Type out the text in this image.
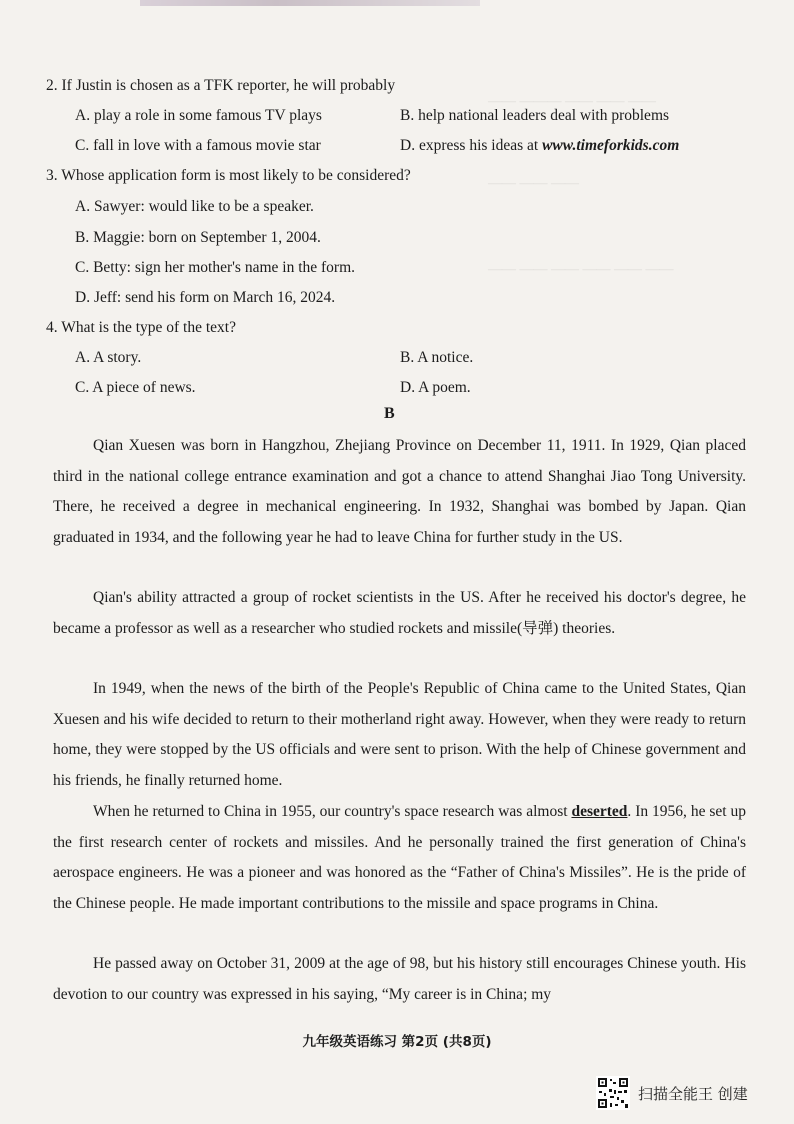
—— ——— —— —— ——
—— —— ——
—— —— —— —— —— ——
2. If Justin is chosen as a TFK reporter, he will probably
A. play a role in some famous TV plays	B. help national leaders deal with problems
C. fall in love with a famous movie star	D. express his ideas at www.timeforkids.com
3. Whose application form is most likely to be considered?
A. Sawyer: would like to be a speaker.
B. Maggie: born on September 1, 2004.
C. Betty: sign her mother's name in the form.
D. Jeff: send his form on March 16, 2024.
4. What is the type of the text?
A. A story.	B. A notice.
C. A piece of news.	D. A poem.
B
Qian Xuesen was born in Hangzhou, Zhejiang Province on December 11, 1911. In 1929, Qian placed third in the national college entrance examination and got a chance to attend Shanghai Jiao Tong University. There, he received a degree in mechanical engineering. In 1932, Shanghai was bombed by Japan. Qian graduated in 1934, and the following year he had to leave China for further study in the US.
Qian's ability attracted a group of rocket scientists in the US. After he received his doctor's degree, he became a professor as well as a researcher who studied rockets and missile(导弹) theories.
In 1949, when the news of the birth of the People's Republic of China came to the United States, Qian Xuesen and his wife decided to return to their motherland right away. However, when they were ready to return home, they were stopped by the US officials and were sent to prison. With the help of Chinese government and his friends, he finally returned home.
When he returned to China in 1955, our country's space research was almost deserted. In 1956, he set up the first research center of rockets and missiles. And he personally trained the first generation of China's aerospace engineers. He was a pioneer and was honored as the “Father of China's Missiles”. He is the pride of the Chinese people. He made important contributions to the missile and space programs in China.
He passed away on October 31, 2009 at the age of 98, but his history still encourages Chinese youth. His devotion to our country was expressed in his saying, “My career is in China; my
九年级英语练习 第2页 (共8页)
扫描全能王 创建
